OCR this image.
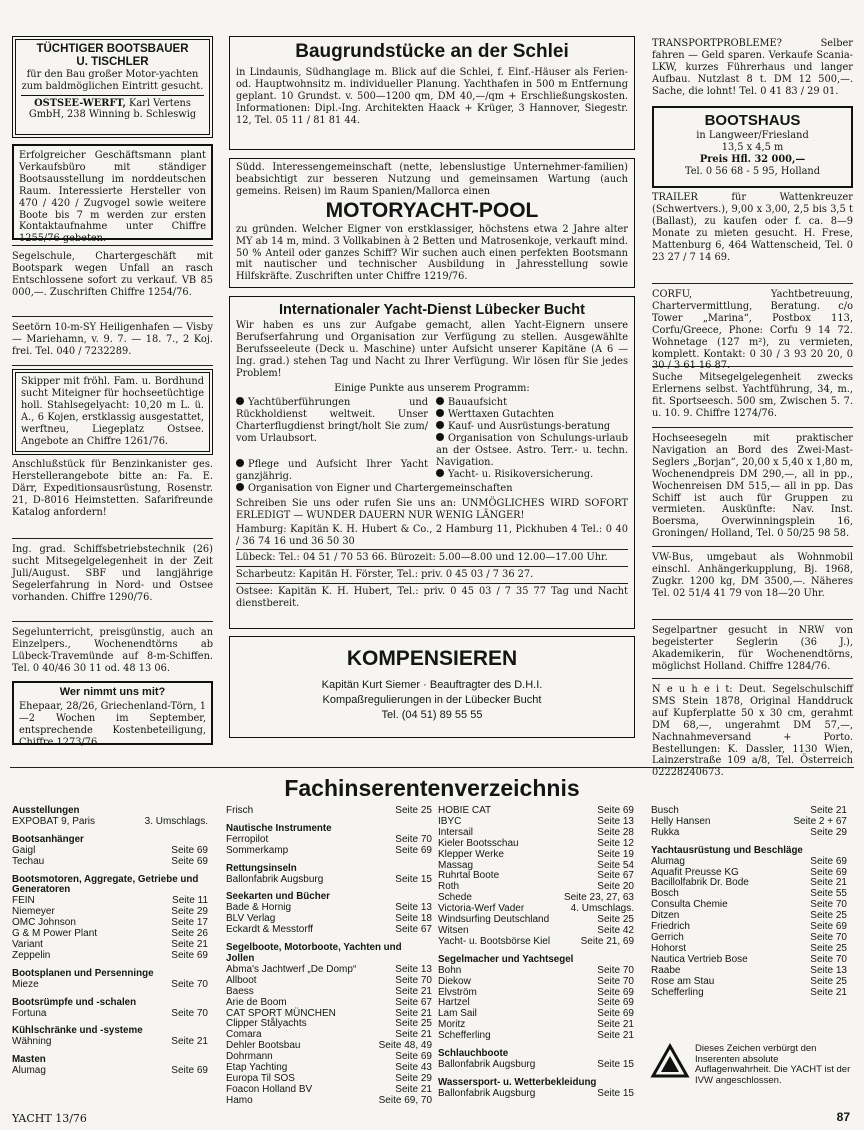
TÜCHTIGER BOOTSBAUER
U. TISCHLER
für den Bau großer Motor-yachten zum baldmöglichen Eintritt gesucht.
OSTSEE-WERFT, Karl Vertens GmbH, 238 Winning b. Schleswig
Erfolgreicher Geschäftsmann plant Verkaufsbüro mit ständiger Bootsausstellung im norddeutschen Raum. Interessierte Hersteller von 470 / 420 / Zugvogel sowie weitere Boote bis 7 m werden zur ersten Kontaktaufnahme unter Chiffre 1255/76 gebeten.
Segelschule, Chartergeschäft mit Bootspark wegen Unfall an rasch Entschlossene sofort zu verkauf. VB 85 000,—. Zuschriften Chiffre 1254/76.
Seetörn 10-m-SY Heiligenhafen — Visby — Mariehamn, v. 9. 7. — 18. 7., 2 Koj. frei. Tel. 040 / 7232289.
Skipper mit fröhl. Fam. u. Bordhund sucht Miteigner für hochseetüchtige holl. Stahlsegelyacht: 10,20 m L. ü. A., 6 Kojen, erstklassig ausgestattet, werftneu, Liegeplatz Ostsee. Angebote an Chiffre 1261/76.
Anschlußstück für Benzinkanister ges. Herstellerangebote bitte an: Fa. E. Därr, Expeditionsausrüstung, Rosenstr. 21, D-8016 Heimstetten. Safarifreunde Katalog anfordern!
Ing. grad. Schiffsbetriebstechnik (26) sucht Mitsegelgelegenheit in der Zeit Juli/August. SBF und langjährige Segelerfahrung in Nord- und Ostsee vorhanden. Chiffre 1290/76.
Segelunterricht, preisgünstig, auch an Einzelpers., Wochenendtörns ab Lübeck-Travemünde auf 8-m-Schiffen. Tel. 0 40/46 30 11 od. 48 13 06.
Wer nimmt uns mit?
Ehepaar, 28/26, Griechenland-Törn, 1—2 Wochen im September, entsprechende Kostenbeteiligung, Chiffre 1273/76.
Baugrundstücke an der Schlei
in Lindaunis, Südhanglage m. Blick auf die Schlei, f. Einf.-Häuser als Ferien- od. Hauptwohnsitz m. individueller Planung. Yachthafen in 500 m Entfernung geplant. 10 Grundst. v. 500—1200 qm, DM 40,—/qm + Erschließungskosten. Informationen: Dipl.-Ing. Architekten Haack + Krüger, 3 Hannover, Siegestr. 12, Tel. 05 11 / 81 81 44.
Südd. Interessengemeinschaft (nette, lebenslustige Unternehmer-familien) beabsichtigt zur besseren Nutzung und gemeinsamen Wartung (auch gemeins. Reisen) im Raum Spanien/Mallorca einen
MOTORYACHT-POOL
zu gründen. Welcher Eigner von erstklassiger, höchstens etwa 2 Jahre alter MY ab 14 m, mind. 3 Vollkabinen à 2 Betten und Matrosenkoje, verkauft mind. 50 % Anteil oder ganzes Schiff? Wir suchen auch einen perfekten Bootsmann mit nautischer und technischer Ausbildung in Jahresstellung sowie Hilfskräfte. Zuschriften unter Chiffre 1219/76.
Internationaler Yacht-Dienst Lübecker Bucht
Wir haben es uns zur Aufgabe gemacht, allen Yacht-Eignern unsere Berufserfahrung und Organisation zur Verfügung zu stellen. Ausgewählte Berufsseeleute (Deck u. Maschine) unter Aufsicht unserer Kapitäne (A 6 — Ing. grad.) stehen Tag und Nacht zu Ihrer Verfügung. Wir lösen für Sie jedes Problem!
Einige Punkte aus unserem Programm:
Yachtüberführungen und Rückholdienst weltweit. Unser Charterflugdienst bringt/holt Sie zum/ vom Urlaubsort.
Pflege und Aufsicht Ihrer Yacht ganzjährig.
Bauaufsicht
Werttaxen Gutachten
Kauf- und Ausrüstungs-beratung
Organisation von Schulungs-urlaub an der Ostsee. Astro. Terr.- u. techn. Navigation.
Yacht- u. Risikoversicherung.
Organisation von Eigner und Chartergemeinschaften
Schreiben Sie uns oder rufen Sie uns an: UNMÖGLICHES WIRD SOFORT ERLEDIGT — WUNDER DAUERN NUR WENIG LÄNGER!
Hamburg: Kapitän K. H. Hubert & Co., 2 Hamburg 11, Pickhuben 4 Tel.: 0 40 / 36 74 16 und 36 50 30
Lübeck: Tel.: 04 51 / 70 53 66. Bürozeit: 5.00—8.00 und 12.00—17.00 Uhr.
Scharbeutz: Kapitän H. Förster, Tel.: priv. 0 45 03 / 7 36 27.
Ostsee: Kapitän K. H. Hubert, Tel.: priv. 0 45 03 / 7 35 77 Tag und Nacht dienstbereit.
KOMPENSIEREN
Kapitän Kurt Siemer · Beauftragter des D.H.I.
Kompaßregulierungen in der Lübecker Bucht
Tel. (04 51) 89 55 55
TRANSPORTPROBLEME? Selber fahren — Geld sparen. Verkaufe Scania-LKW, kurzes Führerhaus und langer Aufbau. Nutzlast 8 t. DM 12 500,—. Sache, die lohnt! Tel. 0 41 83 / 29 01.
BOOTSHAUS
in Langweer/Friesland
13,5 x 4,5 m
Preis Hfl. 32 000,—
Tel. 0 56 68 - 5 95, Holland
TRAILER für Wattenkreuzer (Schwertvers.), 9,00 x 3,00, 2,5 bis 3,5 t (Ballast), zu kaufen oder f. ca. 8—9 Monate zu mieten gesucht. H. Frese, Mattenburg 6, 464 Wattenscheid, Tel. 0 23 27 / 7 14 69.
CORFU, Yachtbetreuung, Chartervermittlung, Beratung. c/o Tower „Marina“, Postbox 113, Corfu/Greece, Phone: Corfu 9 14 72. Wohnetage (127 m²), zu vermieten, komplett. Kontakt: 0 30 / 3 93 20 20, 0 30 / 3 61 16 87.
Suche Mitsegelgelegenheit zwecks Erlernens selbst. Yachtführung, 34, m., fit. Sportseesch. 500 sm, Zwischen 5. 7. u. 10. 9. Chiffre 1274/76.
Hochseesegeln mit praktischer Navigation an Bord des Zwei-Mast-Seglers „Borjan“, 20,00 x 5,40 x 1,80 m, Wochenendpreis DM 290,—, all in pp., Wochenreisen DM 515,— all in pp. Das Schiff ist auch für Gruppen zu vermieten. Auskünfte: Nav. Inst. Boersma, Overwinningsplein 16, Groningen/ Holland, Tel. 0 50/25 98 58.
VW-Bus, umgebaut als Wohnmobil einschl. Anhängerkupplung, Bj. 1968, Zugkr. 1200 kg, DM 3500,—. Näheres Tel. 02 51/4 41 79 von 18—20 Uhr.
Segelpartner gesucht in NRW von begeisterter Seglerin (36 J.), Akademikerin, für Wochenendtörns, möglichst Holland. Chiffre 1284/76.
N e u h e i t: Deut. Segelschulschiff SMS Stein 1878, Original Handdruck auf Kupferplatte 50 x 30 cm, gerahmt DM 68,—, ungerahmt DM 57,—, Nachnahmeversand + Porto. Bestellungen: K. Dassler, 1130 Wien, Lainzerstraße 109 a/8, Tel. Österreich 02228240673.
Fachinserentenverzeichnis
Ausstellungen
EXPOBAT 9, Paris	3. Umschlags.
Bootsanhänger
Gaigl	Seite 69
Techau	Seite 69
Bootsmotoren, Aggregate, Getriebe und Generatoren
FEIN	Seite 11
Niemeyer	Seite 29
OMC Johnson	Seite 17
G & M Power Plant	Seite 26
Variant	Seite 21
Zeppelin	Seite 69
Bootsplanen und Persenninge
Mieze	Seite 70
Bootsrümpfe und -schalen
Fortuna	Seite 70
Kühlschränke und -systeme
Wähning	Seite 21
Masten
Alumag	Seite 69
Frisch	Seite 25
Nautische Instrumente
Ferropilot	Seite 70
Sommerkamp	Seite 69
Rettungsinseln
Ballonfabrik Augsburg	Seite 15
Seekarten und Bücher
Bade & Hornig	Seite 13
BLV Verlag	Seite 18
Eckardt & Messtorff	Seite 67
Segelboote, Motorboote, Yachten und Jollen
Abma's Jachtwerf „De Domp“	Seite 13
Allboot	Seite 70
Baess	Seite 21
Arie de Boom	Seite 67
CAT SPORT MÜNCHEN	Seite 21
Clipper Stålyachts	Seite 25
Comara	Seite 21
Dehler Bootsbau	Seite 48, 49
Dohrmann	Seite 69
Etap Yachting	Seite 43
Europa Til SOS	Seite 29
Foacon Holland BV	Seite 21
Hamo	Seite 69, 70
HOBIE CAT	Seite 69
IBYC	Seite 13
Intersail	Seite 28
Kieler Bootsschau	Seite 12
Klepper Werke	Seite 19
Massag	Seite 54
Ruhrtal Boote	Seite 67
Roth	Seite 20
Schede	Seite 23, 27, 63
Victoria-Werf Vader	4. Umschlags.
Windsurfing Deutschland	Seite 25
Witsen	Seite 42
Yacht- u. Bootsbörse Kiel	Seite 21, 69
Segelmacher und Yachtsegel
Bohn	Seite 70
Diekow	Seite 70
Elvström	Seite 69
Hartzel	Seite 69
Lam Sail	Seite 69
Moritz	Seite 21
Schefferling	Seite 21
Schlauchboote
Ballonfabrik Augsburg	Seite 15
Wassersport- u. Wetterbekleidung
Ballonfabrik Augsburg	Seite 15
Busch	Seite 21
Helly Hansen	Seite 2 + 67
Rukka	Seite 29
Yachtausrüstung und Beschläge
Alumag	Seite 69
Aquafit Preusse KG	Seite 69
Bacillolfabrik Dr. Bode	Seite 21
Bosch	Seite 55
Consulta Chemie	Seite 70
Ditzen	Seite 25
Friedrich	Seite 69
Gerrich	Seite 70
Hohorst	Seite 25
Nautica Vertrieb Bose	Seite 70
Raabe	Seite 13
Rose am Stau	Seite 25
Schefferling	Seite 21
Dieses Zeichen verbürgt den Inserenten absolute Auflagenwahrheit. Die YACHT ist der IVW angeschlossen.
YACHT 13/76	87
